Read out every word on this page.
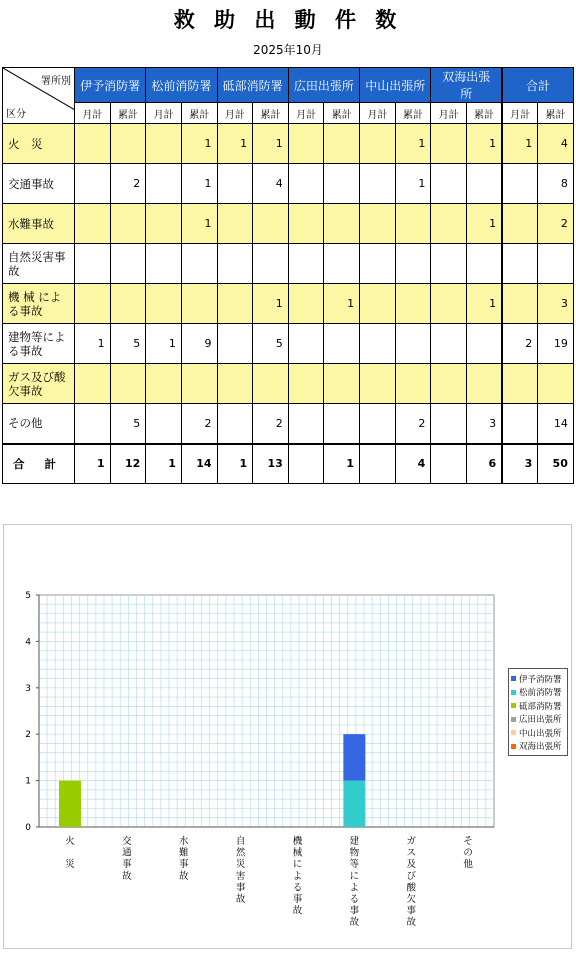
救 助 出 動 件 数
2025年10月
署所別
区分	伊予消防署		松前消防署		砥部消防署		広田出張所		中山出張所		双海出張所		合計	
	月計	累計	月計	累計	月計	累計	月計	累計	月計	累計	月計	累計	月計	累計
火　災				1	1	1				1		1	1	4
交通事故		2		1		4				1				8
水難事故				1								1		2
自然災害事　故														
機 械 による事故						1		1				1		3
建物等による事故	1	5	1	9		5							2	19
ガス及び酸欠事故														
その他		5		2		2				2		3		14
合 計	1	12	1	14	1	13		1		4		6	3	50
0
1
2
3
4
5
火　災
交通事故
水難事故
自然災害事故
機械による事故
建物等による事故
ガス及び酸欠事故
その他
伊予消防署
松前消防署
砥部消防署
広田出張所
中山出張所
双海出張所
